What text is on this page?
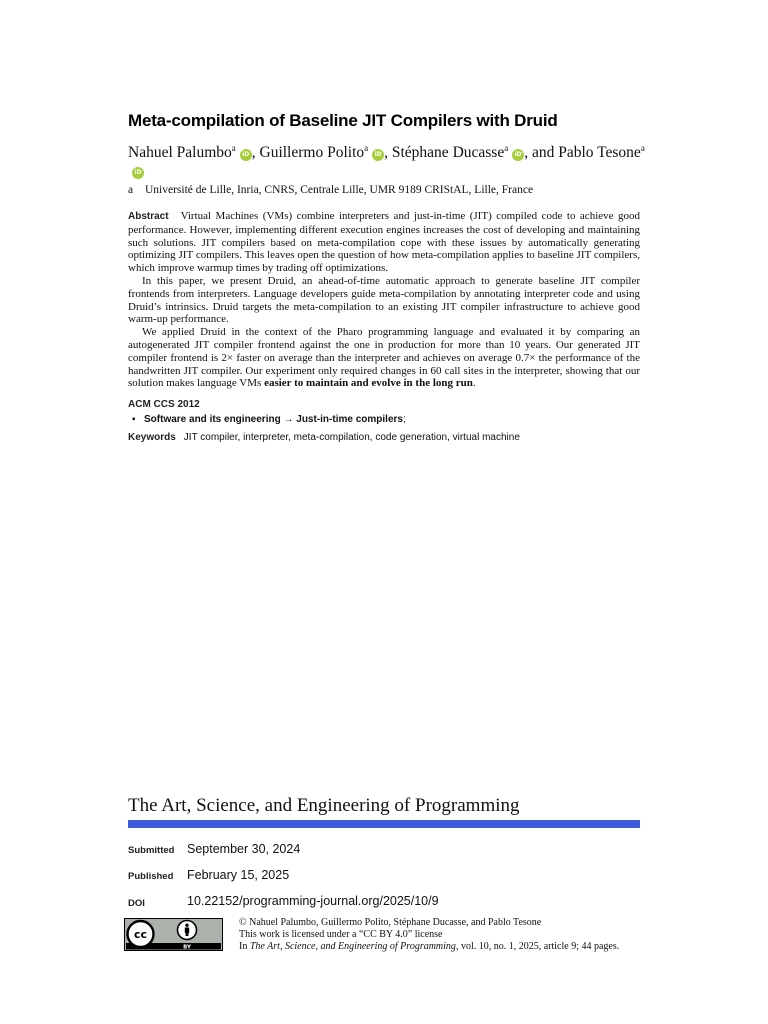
Meta-compilation of Baseline JIT Compilers with Druid
Nahuel Palumbo$^a$iD , Guillermo Polito$^a$iD , Stéphane Ducasse$^a$iD , and Pablo Tesone$^a$iD
a Université de Lille, Inria, CNRS, Centrale Lille, UMR 9189 CRIStAL, Lille, France

Abstract Virtual Machines (VMs) combine interpreters and just-in-time (JIT) compiled code to achieve good performance. However, implementing different execution engines increases the cost of developing and maintaining such solutions. JIT compilers based on meta-compilation cope with these issues by automatically generating optimizing JIT compilers. This leaves open the question of how meta-compilation applies to baseline JIT compilers, which improve warmup times by trading off optimizations.

In this paper, we present Druid, an ahead-of-time automatic approach to generate baseline JIT compiler frontends from interpreters. Language developers guide meta-compilation by annotating interpreter code and using Druid’s intrinsics. Druid targets the meta-compilation to an existing JIT compiler infrastructure to achieve good warm-up performance.

We applied Druid in the context of the Pharo programming language and evaluated it by comparing an autogenerated JIT compiler frontend against the one in production for more than 10 years. Our generated JIT compiler frontend is 2× faster on average than the interpreter and achieves on average 0.7× the performance of the handwritten JIT compiler. Our experiment only required changes in 60 call sites in the interpreter, showing that our solution makes language VMs easier to maintain and evolve in the long run.

ACM CCS 2012
▪ Software and its engineering → Just-in-time compilers;
Keywords JIT compiler, interpreter, meta-compilation, code generation, virtual machine
The Art, Science, and Engineering of Programming
Submitted	September 30, 2024
Published	February 15, 2025
DOI	10.22152/programming-journal.org/2025/10/9
cc
BY
© Nahuel Palumbo, Guillermo Polito, Stéphane Ducasse, and Pablo Tesone
This work is licensed under a “CC BY 4.0” license
In The Art, Science, and Engineering of Programming, vol. 10, no. 1, 2025, article 9; 44 pages.
